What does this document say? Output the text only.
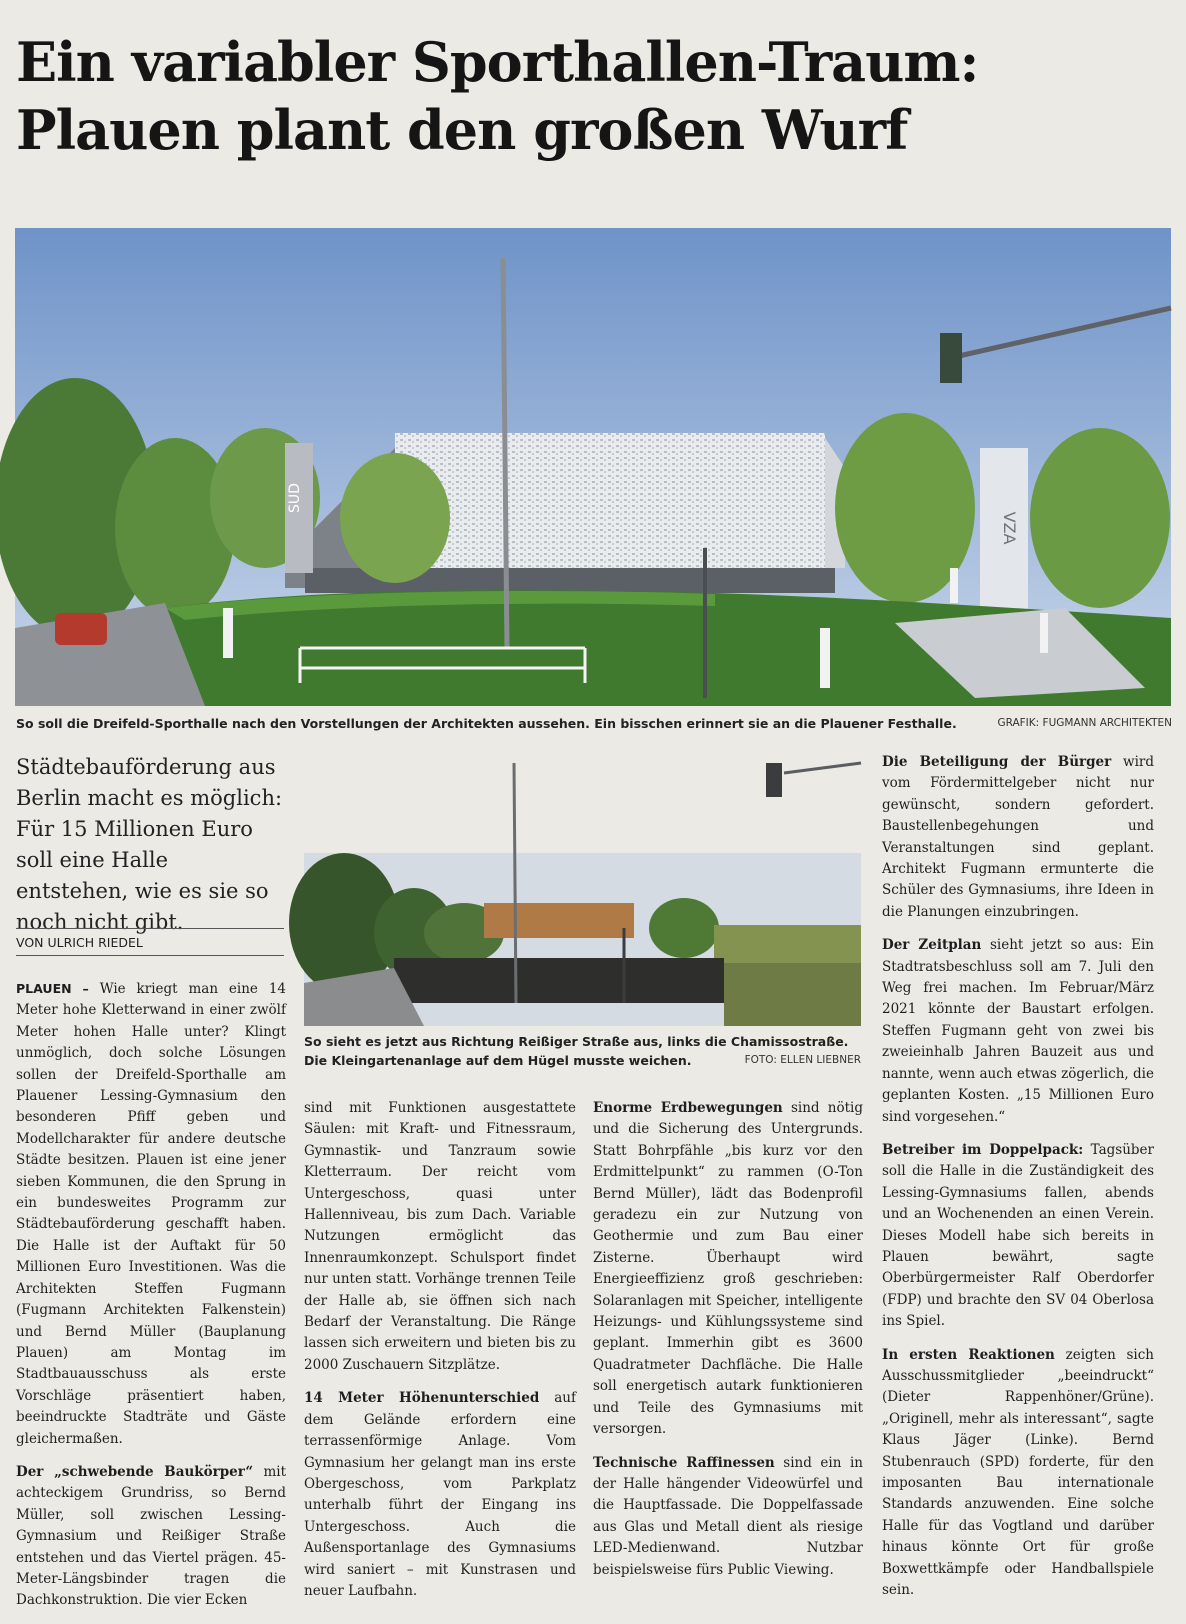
Ein variabler Sporthallen-Traum:
Plauen plant den großen Wurf
SUD
VZA
So soll die Dreifeld-Sporthalle nach den Vorstellungen der Architekten aussehen. Ein bisschen erinnert sie an die Plauener Festhalle.	GRAFIK: FUGMANN ARCHITEKTEN
Städtebauförderung aus Berlin macht es möglich: Für 15 Millionen Euro soll eine Halle entstehen, wie es sie so noch nicht gibt.
VON ULRICH RIEDEL

PLAUEN – Wie kriegt man eine 14 Meter hohe Kletterwand in einer zwölf Meter hohen Halle unter? Klingt unmöglich, doch solche Lösungen sollen der Dreifeld-Sporthalle am Plauener Lessing-Gymnasium den besonderen Pfiff geben und Modellcharakter für andere deutsche Städte besitzen. Plauen ist eine jener sieben Kommunen, die den Sprung in ein bundesweites Programm zur Städtebauförderung geschafft haben. Die Halle ist der Auftakt für 50 Millionen Euro Investitionen. Was die Architekten Steffen Fugmann (Fugmann Architekten Falkenstein) und Bernd Müller (Bauplanung Plauen) am Montag im Stadtbauausschuss als erste Vorschläge präsentiert haben, beeindruckte Stadträte und Gäste gleichermaßen.

Der „schwebende Baukörper“ mit achteckigem Grundriss, so Bernd Müller, soll zwischen Lessing-Gymnasium und Reißiger Straße entstehen und das Viertel prägen. 45-Meter-Längsbinder tragen die Dachkonstruktion. Die vier Ecken

So sieht es jetzt aus Richtung Reißiger Straße aus, links die Chamissostraße.
Die Kleingartenanlage auf dem Hügel musste weichen.	FOTO: ELLEN LIEBNER

sind mit Funktionen ausgestattete Säulen: mit Kraft- und Fitnessraum, Gymnastik- und Tanzraum sowie Kletterraum. Der reicht vom Untergeschoss, quasi unter Hallenniveau, bis zum Dach. Variable Nutzungen ermöglicht das Innenraumkonzept. Schulsport findet nur unten statt. Vorhänge trennen Teile der Halle ab, sie öffnen sich nach Bedarf der Veranstaltung. Die Ränge lassen sich erweitern und bieten bis zu 2000 Zuschauern Sitzplätze.

14 Meter Höhenunterschied auf dem Gelände erfordern eine terrassenförmige Anlage. Vom Gymnasium her gelangt man ins erste Obergeschoss, vom Parkplatz unterhalb führt der Eingang ins Untergeschoss. Auch die Außensportanlage des Gymnasiums wird saniert – mit Kunstrasen und neuer Laufbahn.

Enorme Erdbewegungen sind nötig und die Sicherung des Untergrunds. Statt Bohrpfähle „bis kurz vor den Erdmittelpunkt“ zu rammen (O-Ton Bernd Müller), lädt das Bodenprofil geradezu ein zur Nutzung von Geothermie und zum Bau einer Zisterne. Überhaupt wird Energieeffizienz groß geschrieben: Solaranlagen mit Speicher, intelligente Heizungs- und Kühlungssysteme sind geplant. Immerhin gibt es 3600 Quadratmeter Dachfläche. Die Halle soll energetisch autark funktionieren und Teile des Gymnasiums mit versorgen.

Technische Raffinessen sind ein in der Halle hängender Videowürfel und die Hauptfassade. Die Doppelfassade aus Glas und Metall dient als riesige LED-Medienwand. Nutzbar beispielsweise fürs Public Viewing.

Die Beteiligung der Bürger wird vom Fördermittelgeber nicht nur gewünscht, sondern gefordert. Baustellenbegehungen und Veranstaltungen sind geplant. Architekt Fugmann ermunterte die Schüler des Gymnasiums, ihre Ideen in die Planungen einzubringen.

Der Zeitplan sieht jetzt so aus: Ein Stadtratsbeschluss soll am 7. Juli den Weg frei machen. Im Februar/März 2021 könnte der Baustart erfolgen. Steffen Fugmann geht von zwei bis zweieinhalb Jahren Bauzeit aus und nannte, wenn auch etwas zögerlich, die geplanten Kosten. „15 Millionen Euro sind vorgesehen.“

Betreiber im Doppelpack: Tagsüber soll die Halle in die Zuständigkeit des Lessing-Gymnasiums fallen, abends und an Wochenenden an einen Verein. Dieses Modell habe sich bereits in Plauen bewährt, sagte Oberbürgermeister Ralf Oberdorfer (FDP) und brachte den SV 04 Oberlosa ins Spiel.

In ersten Reaktionen zeigten sich Ausschussmitglieder „beeindruckt“ (Dieter Rappenhöner/Grüne). „Originell, mehr als interessant“, sagte Klaus Jäger (Linke). Bernd Stubenrauch (SPD) forderte, für den imposanten Bau internationale Standards anzuwenden. Eine solche Halle für das Vogtland und darüber hinaus könnte Ort für große Boxwettkämpfe oder Handballspiele sein.
